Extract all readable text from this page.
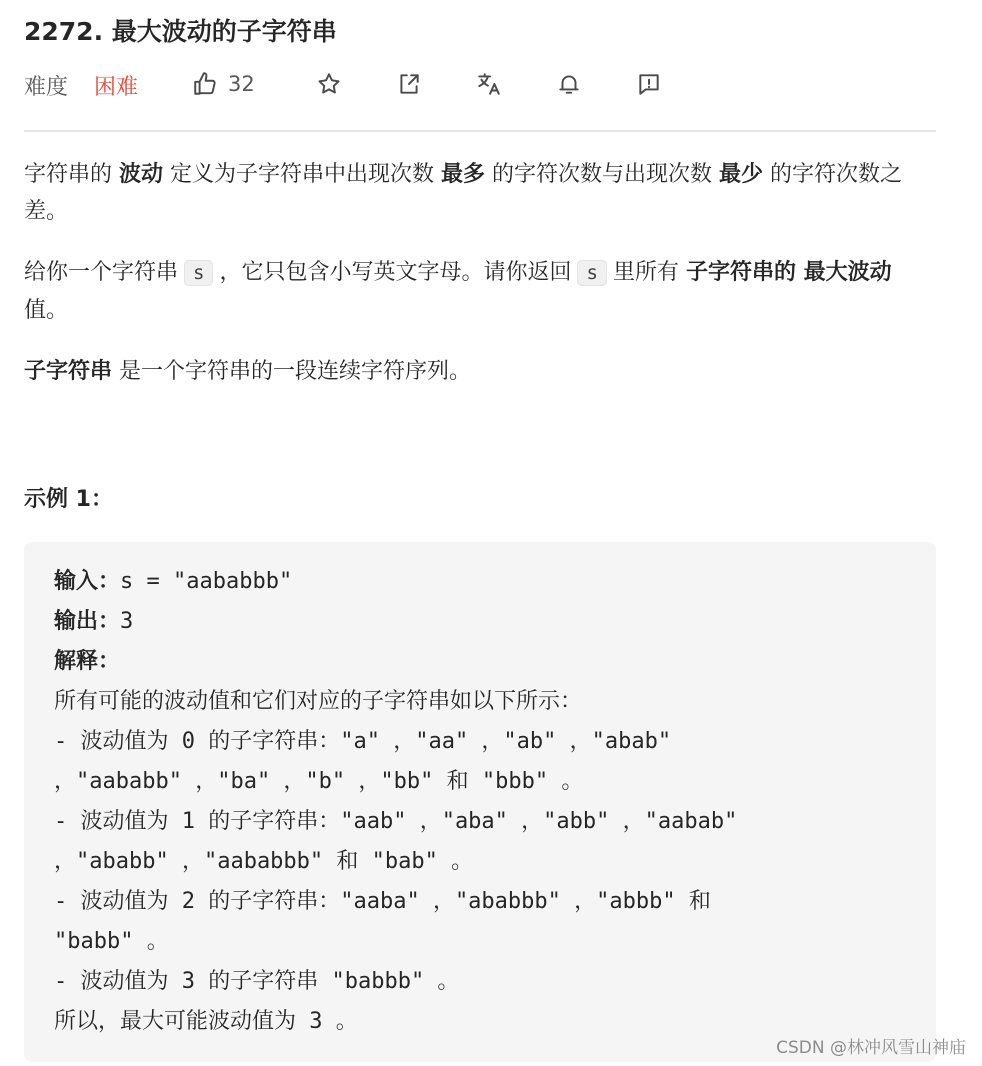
2272. 最大波动的子字符串
难度 困难	32

字符串的 波动 定义为子字符串中出现次数 最多 的字符次数与出现次数 最少 的字符次数之差。

给你一个字符串 s ，它只包含小写英文字母。请你返回 s 里所有 子字符串的 最大波动 值。

子字符串 是一个字符串的一段连续字符序列。

示例 1：
输入：s = "aababbb"
输出：3
解释：
所有可能的波动值和它们对应的子字符串如以下所示：
- 波动值为 0 的子字符串："a" ，"aa" ，"ab" ，"abab"
，"aababb" ，"ba" ，"b" ，"bb" 和 "bbb" 。
- 波动值为 1 的子字符串："aab" ，"aba" ，"abb" ，"aabab"
，"ababb" ，"aababbb" 和 "bab" 。
- 波动值为 2 的子字符串："aaba" ，"ababbb" ，"abbb" 和
"babb" 。
- 波动值为 3 的子字符串 "babbb" 。
所以，最大可能波动值为 3 。
CSDN @林冲风雪山神庙
